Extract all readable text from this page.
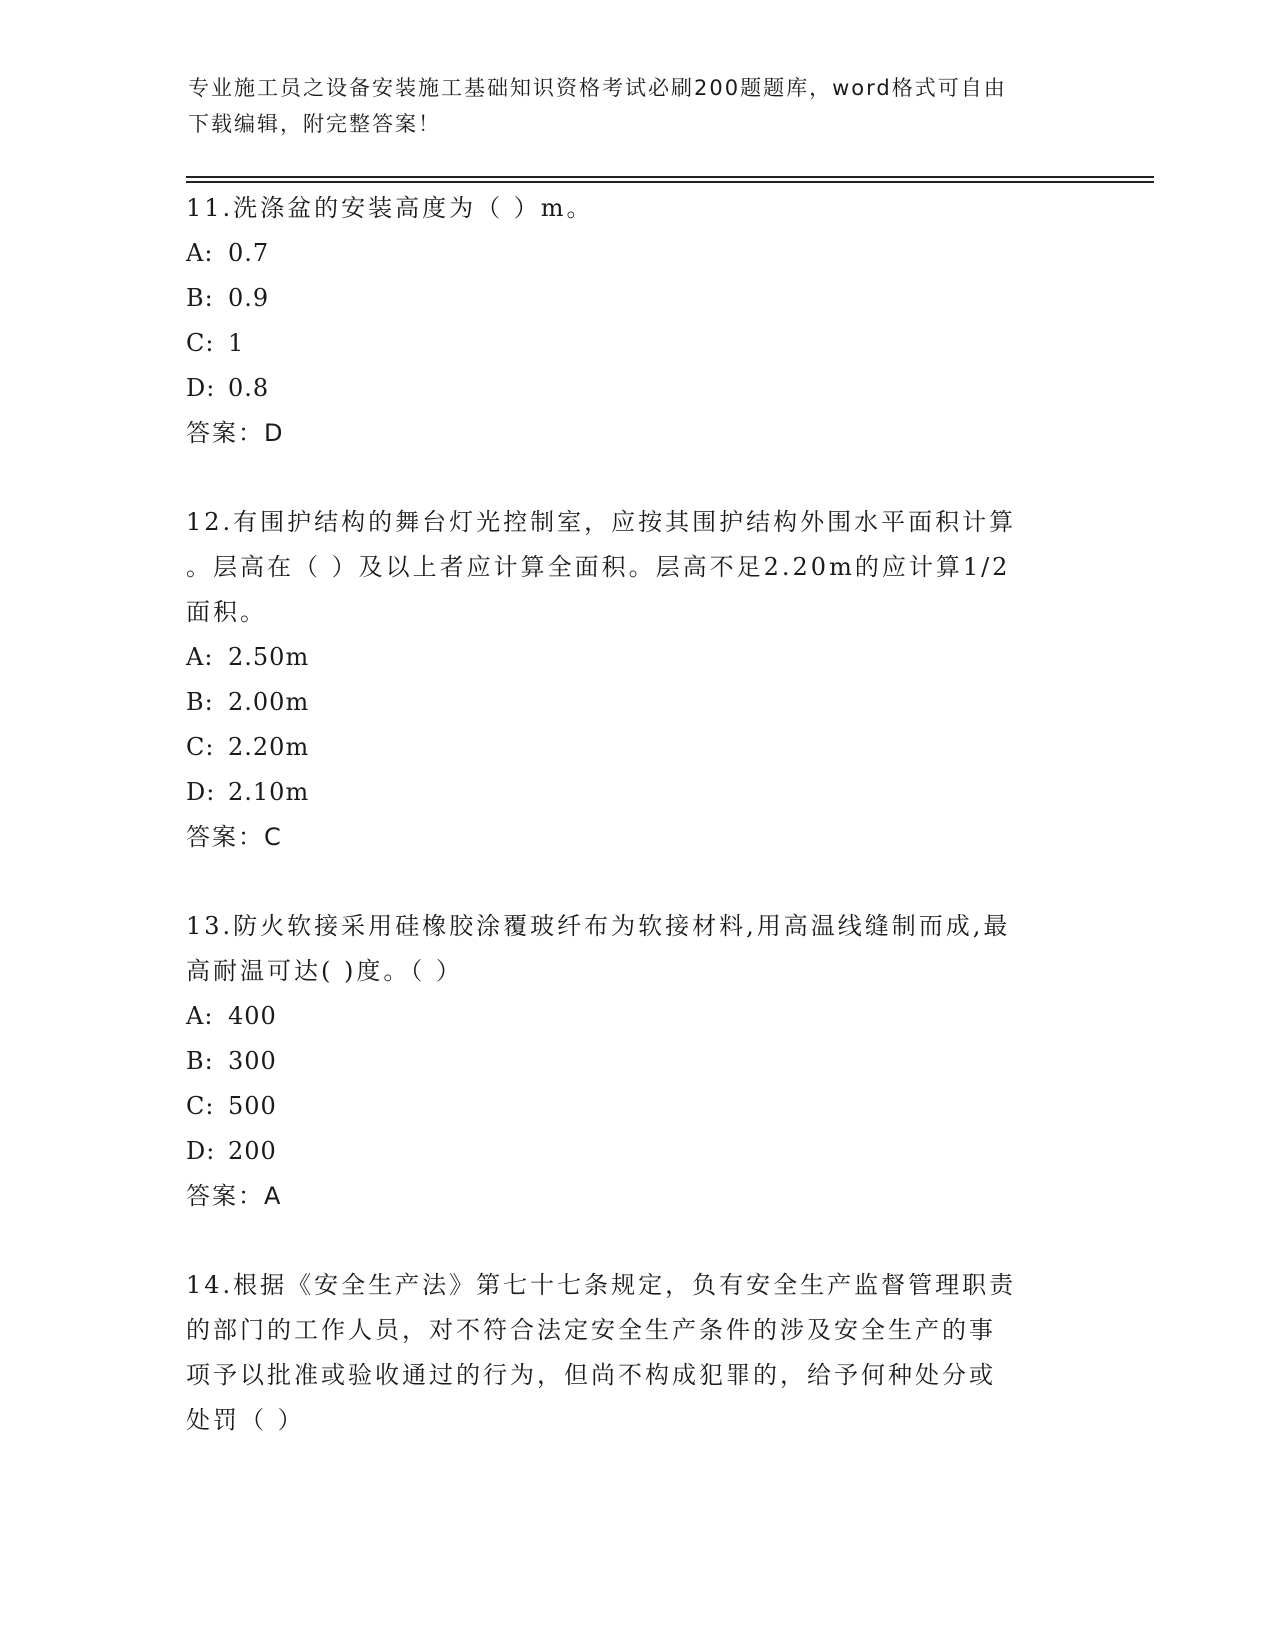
专业施工员之设备安装施工基础知识资格考试必刷200题题库，word格式可自由
下载编辑，附完整答案！

11.洗涤盆的安装高度为（ ）m。

A: 0.7

B: 0.9

C: 1

D: 0.8

答案：D

12.有围护结构的舞台灯光控制室，应按其围护结构外围水平面积计算

。层高在（ ）及以上者应计算全面积。层高不足2.20m的应计算1/2

面积。

A: 2.50m

B: 2.00m

C: 2.20m

D: 2.10m

答案：C

13.防火软接采用硅橡胶涂覆玻纤布为软接材料,用高温线缝制而成,最

高耐温可达( )度。（ ）

A: 400

B: 300

C: 500

D: 200

答案：A

14.根据《安全生产法》第七十七条规定，负有安全生产监督管理职责

的部门的工作人员，对不符合法定安全生产条件的涉及安全生产的事

项予以批准或验收通过的行为，但尚不构成犯罪的，给予何种处分或

处罚（ ）
